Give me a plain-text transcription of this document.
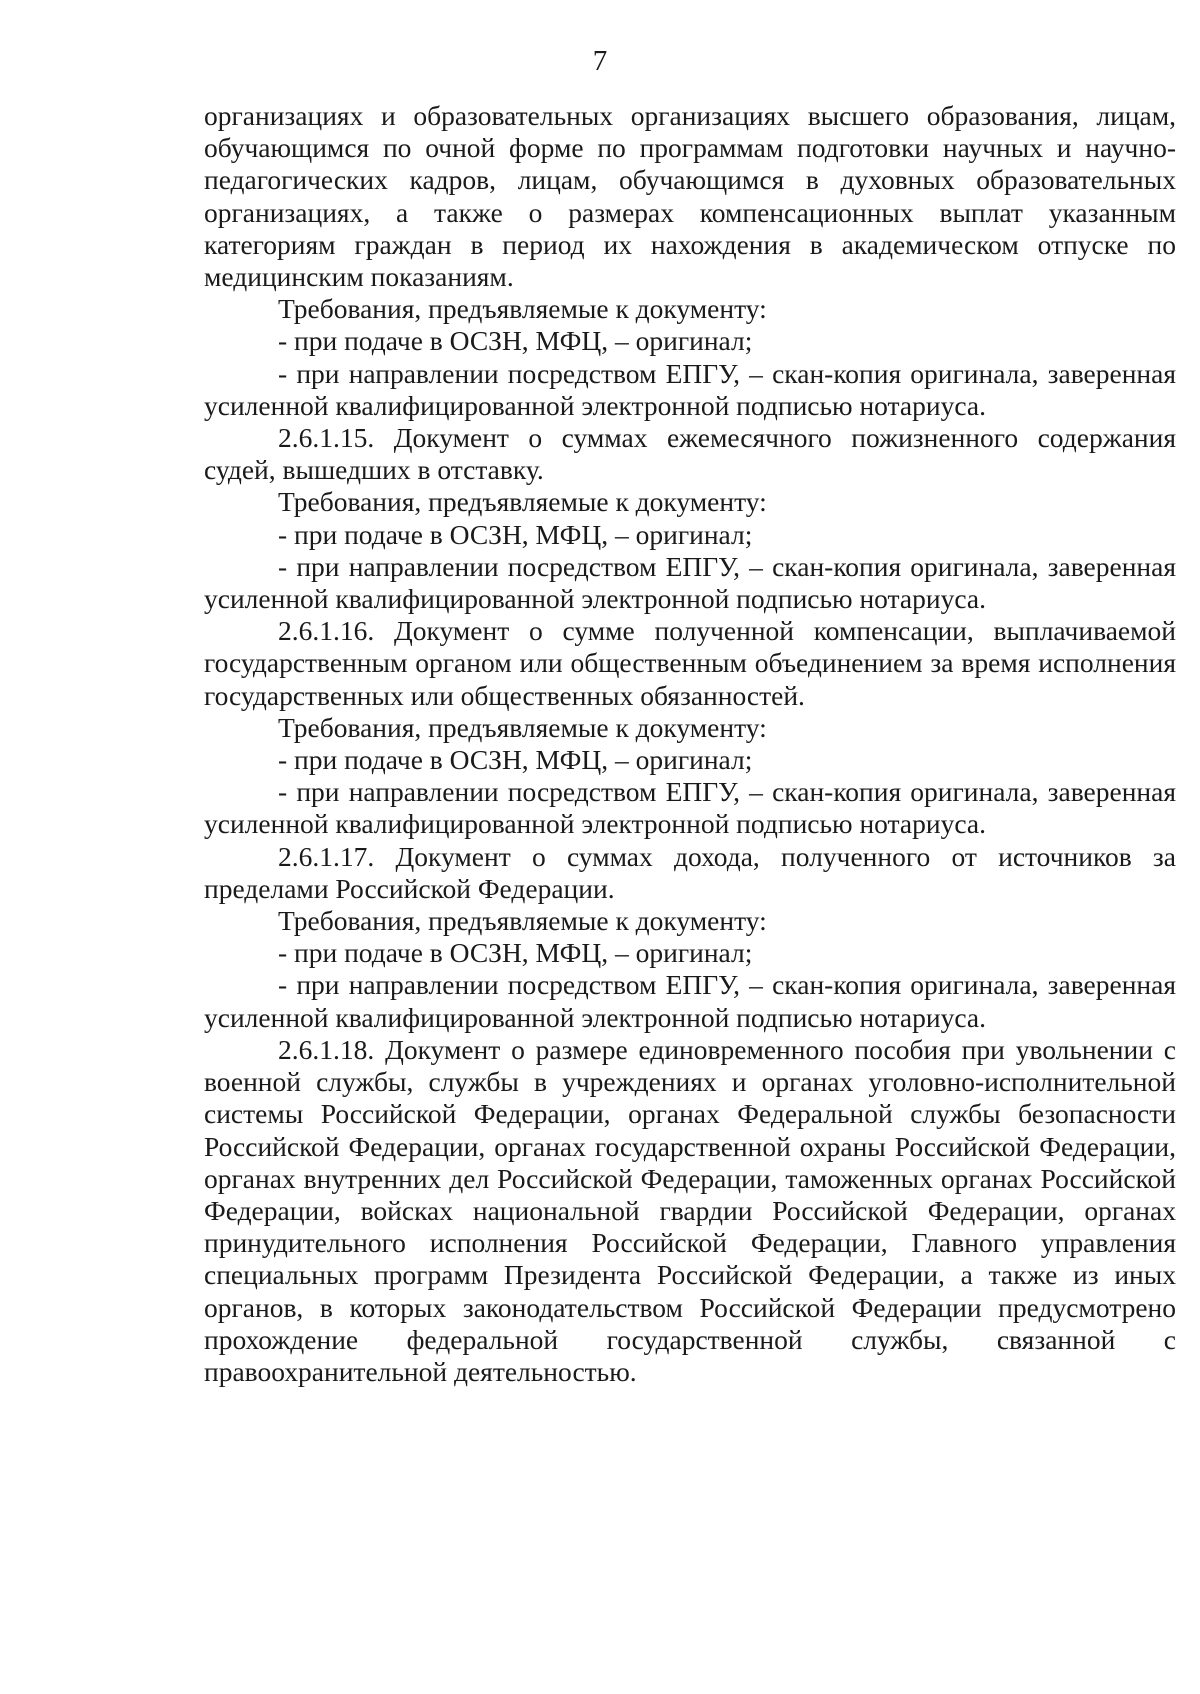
7

организациях и образовательных организациях высшего образования, лицам, обучающимся по очной форме по программам подготовки научных и научно-педагогических кадров, лицам, обучающимся в духовных образовательных организациях, а также о размерах компенсационных выплат указанным категориям граждан в период их нахождения в академическом отпуске по медицинским показаниям.

Требования, предъявляемые к документу:

- при подаче в ОСЗН, МФЦ, – оригинал;

- при направлении посредством ЕПГУ, – скан-копия оригинала, заверенная усиленной квалифицированной электронной подписью нотариуса.

2.6.1.15. Документ о суммах ежемесячного пожизненного содержания судей, вышедших в отставку.

Требования, предъявляемые к документу:

- при подаче в ОСЗН, МФЦ, – оригинал;

- при направлении посредством ЕПГУ, – скан-копия оригинала, заверенная усиленной квалифицированной электронной подписью нотариуса.

2.6.1.16. Документ о сумме полученной компенсации, выплачиваемой государственным органом или общественным объединением за время исполнения государственных или общественных обязанностей.

Требования, предъявляемые к документу:

- при подаче в ОСЗН, МФЦ, – оригинал;

- при направлении посредством ЕПГУ, – скан-копия оригинала, заверенная усиленной квалифицированной электронной подписью нотариуса.

2.6.1.17. Документ о суммах дохода, полученного от источников за пределами Российской Федерации.

Требования, предъявляемые к документу:

- при подаче в ОСЗН, МФЦ, – оригинал;

- при направлении посредством ЕПГУ, – скан-копия оригинала, заверенная усиленной квалифицированной электронной подписью нотариуса.

2.6.1.18. Документ о размере единовременного пособия при увольнении с военной службы, службы в учреждениях и органах уголовно-исполнительной системы Российской Федерации, органах Федеральной службы безопасности Российской Федерации, органах государственной охраны Российской Федерации, органах внутренних дел Российской Федерации, таможенных органах Российской Федерации, войсках национальной гвардии Российской Федерации, органах принудительного исполнения Российской Федерации, Главного управления специальных программ Президента Российской Федерации, а также из иных органов, в которых законодательством Российской Федерации предусмотрено прохождение федеральной государственной службы, связанной с правоохранительной деятельностью.
